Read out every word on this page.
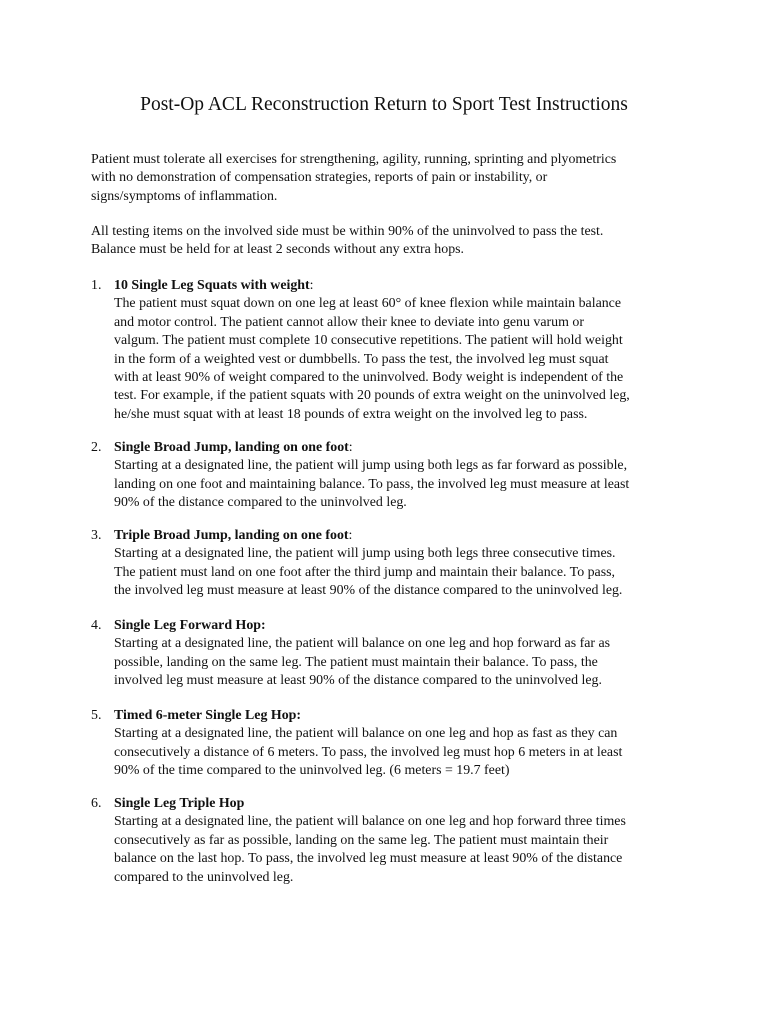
Post-Op ACL Reconstruction Return to Sport Test Instructions
Patient must tolerate all exercises for strengthening, agility, running, sprinting and plyometrics
with no demonstration of compensation strategies, reports of pain or instability, or
signs/symptoms of inflammation.
All testing items on the involved side must be within 90% of the uninvolved to pass the test.
Balance must be held for at least 2 seconds without any extra hops.
1. 10 Single Leg Squats with weight:
The patient must squat down on one leg at least 60° of knee flexion while maintain balance
and motor control. The patient cannot allow their knee to deviate into genu varum or
valgum. The patient must complete 10 consecutive repetitions. The patient will hold weight
in the form of a weighted vest or dumbbells. To pass the test, the involved leg must squat
with at least 90% of weight compared to the uninvolved. Body weight is independent of the
test. For example, if the patient squats with 20 pounds of extra weight on the uninvolved leg,
he/she must squat with at least 18 pounds of extra weight on the involved leg to pass.
2. Single Broad Jump, landing on one foot:
Starting at a designated line, the patient will jump using both legs as far forward as possible,
landing on one foot and maintaining balance. To pass, the involved leg must measure at least
90% of the distance compared to the uninvolved leg.
3. Triple Broad Jump, landing on one foot:
Starting at a designated line, the patient will jump using both legs three consecutive times.
The patient must land on one foot after the third jump and maintain their balance. To pass,
the involved leg must measure at least 90% of the distance compared to the uninvolved leg.
4. Single Leg Forward Hop:
Starting at a designated line, the patient will balance on one leg and hop forward as far as
possible, landing on the same leg. The patient must maintain their balance. To pass, the
involved leg must measure at least 90% of the distance compared to the uninvolved leg.
5. Timed 6-meter Single Leg Hop:
Starting at a designated line, the patient will balance on one leg and hop as fast as they can
consecutively a distance of 6 meters. To pass, the involved leg must hop 6 meters in at least
90% of the time compared to the uninvolved leg. (6 meters = 19.7 feet)
6. Single Leg Triple Hop
Starting at a designated line, the patient will balance on one leg and hop forward three times
consecutively as far as possible, landing on the same leg. The patient must maintain their
balance on the last hop. To pass, the involved leg must measure at least 90% of the distance
compared to the uninvolved leg.
